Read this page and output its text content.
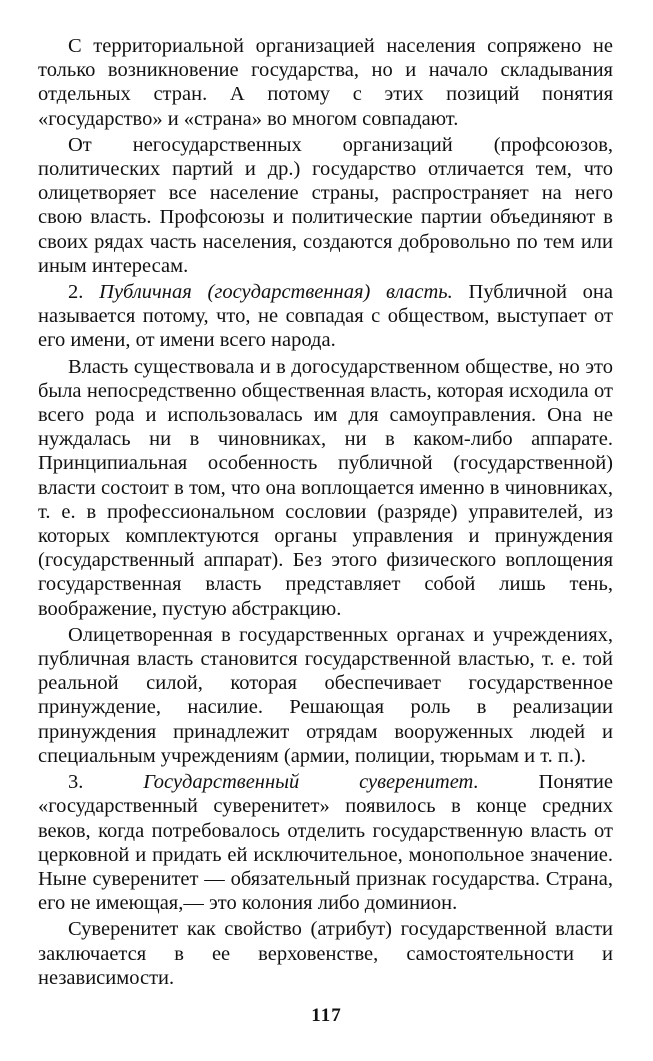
С территориальной организацией населения сопряжено не только возникновение государства, но и начало складывания отдельных стран. А потому с этих позиций понятия «государство» и «страна» во многом совпадают.

От негосударственных организаций (профсоюзов, политических партий и др.) государство отличается тем, что олицетворяет все население страны, распространяет на него свою власть. Профсоюзы и политические партии объединяют в своих рядах часть населения, создаются добровольно по тем или иным интересам.

2. Публичная (государственная) власть. Публичной она называется потому, что, не совпадая с обществом, выступает от его имени, от имени всего народа.

Власть существовала и в догосударственном обществе, но это была непосредственно общественная власть, которая исходила от всего рода и использовалась им для самоуправления. Она не нуждалась ни в чиновниках, ни в каком-либо аппарате. Принципиальная особенность публичной (государственной) власти состоит в том, что она воплощается именно в чиновниках, т. е. в профессиональном сословии (разряде) управителей, из которых комплектуются органы управления и принуждения (государственный аппарат). Без этого физического воплощения государственная власть представляет собой лишь тень, воображение, пустую абстракцию.

Олицетворенная в государственных органах и учреждениях, публичная власть становится государственной властью, т. е. той реальной силой, которая обеспечивает государственное принуждение, насилие. Решающая роль в реализации принуждения принадлежит отрядам вооруженных людей и специальным учреждениям (армии, полиции, тюрьмам и т. п.).

3. Государственный суверенитет. Понятие «государственный суверенитет» появилось в конце средних веков, когда потребовалось отделить государственную власть от церковной и придать ей исключительное, монопольное значение. Ныне суверенитет — обязательный признак государства. Страна, его не имеющая,— это колония либо доминион.

Суверенитет как свойство (атрибут) государственной власти заключается в ее верховенстве, самостоятельности и независимости.

117
